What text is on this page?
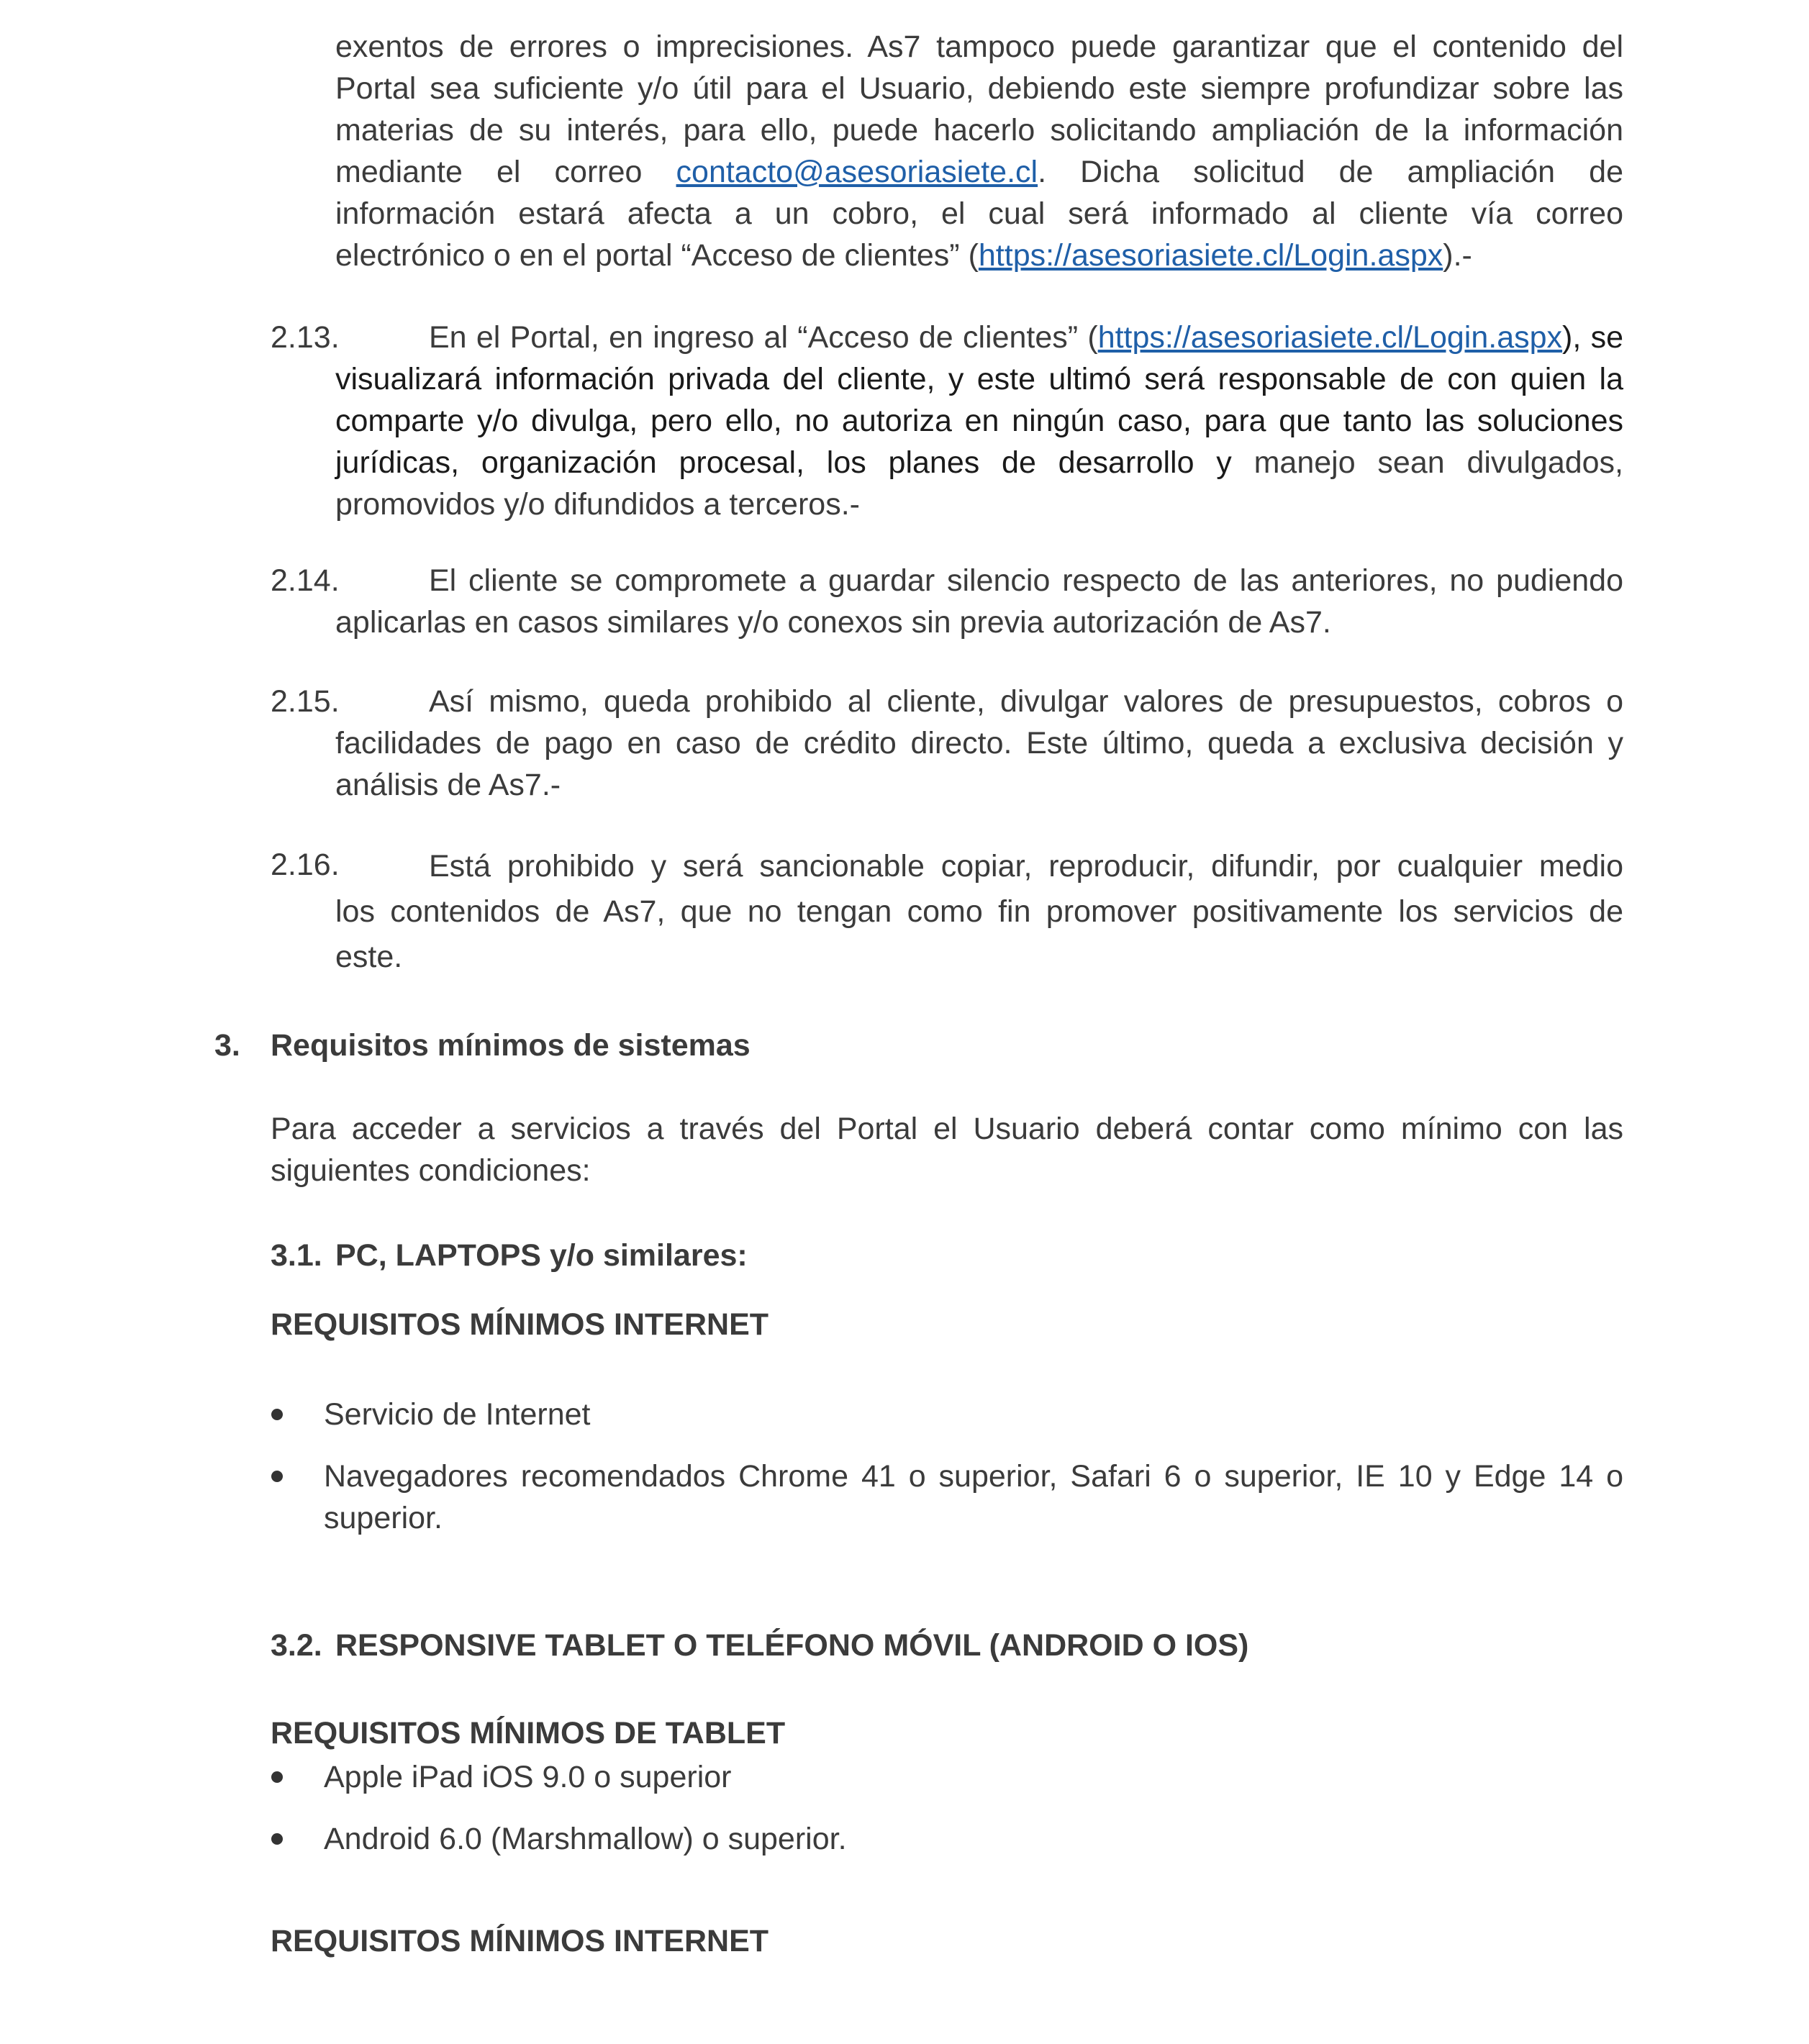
exentos de errores o imprecisiones. As7 tampoco puede garantizar que el contenido del
Portal sea suficiente y/o útil para el Usuario, debiendo este siempre profundizar sobre las
materias de su interés, para ello, puede hacerlo solicitando ampliación de la información
mediante el correo contacto@asesoriasiete.cl. Dicha solicitud de ampliación de
información estará afecta a un cobro, el cual será informado al cliente vía correo
electrónico o en el portal “Acceso de clientes” (https://asesoriasiete.cl/Login.aspx).-
2.13.	En el Portal, en ingreso al “Acceso de clientes” (https://asesoriasiete.cl/Login.aspx), se
visualizará información privada del cliente, y este ultimó será responsable de con quien la
comparte y/o divulga, pero ello, no autoriza en ningún caso, para que tanto las soluciones
jurídicas, organización procesal, los planes de desarrollo y manejo sean divulgados,
promovidos y/o difundidos a terceros.-
2.14.	El cliente se compromete a guardar silencio respecto de las anteriores, no pudiendo
aplicarlas en casos similares y/o conexos sin previa autorización de As7.
2.15.	Así mismo, queda prohibido al cliente, divulgar valores de presupuestos, cobros o
facilidades de pago en caso de crédito directo. Este último, queda a exclusiva decisión y
análisis de As7.-
2.16.	Está prohibido y será sancionable copiar, reproducir, difundir, por cualquier medio
los contenidos de As7, que no tengan como fin promover positivamente los servicios de
este.
3. Requisitos mínimos de sistemas
Para acceder a servicios a través del Portal el Usuario deberá contar como mínimo con las
siguientes condiciones:
3.1. PC, LAPTOPS y/o similares:
REQUISITOS MÍNIMOS INTERNET
Servicio de Internet
Navegadores recomendados Chrome 41 o superior, Safari 6 o superior, IE 10 y Edge 14 o
superior.
3.2. RESPONSIVE TABLET O TELÉFONO MÓVIL (ANDROID O IOS)
REQUISITOS MÍNIMOS DE TABLET
Apple iPad iOS 9.0 o superior
Android 6.0 (Marshmallow) o superior.
REQUISITOS MÍNIMOS INTERNET
